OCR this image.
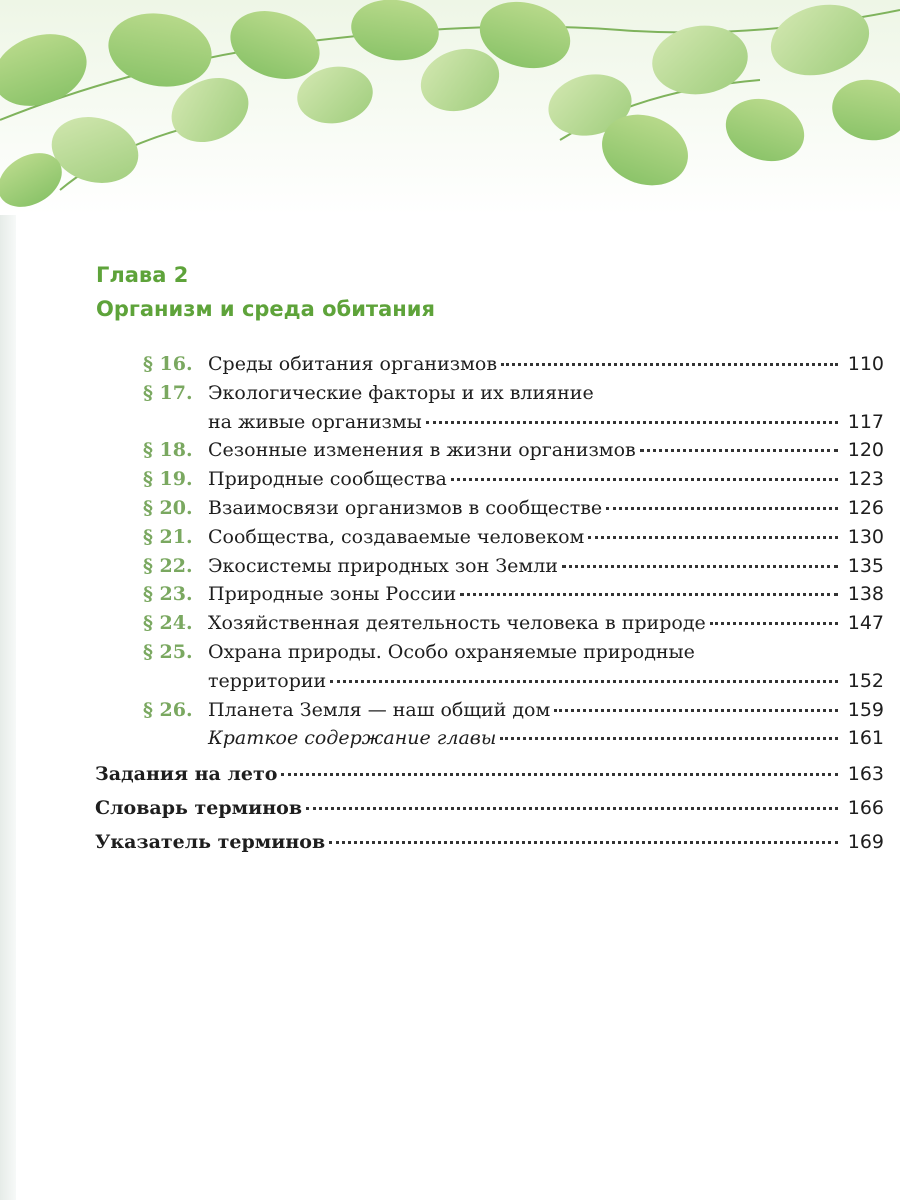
Глава 2
Организм и среда обитания
§ 16. Среды обитания организмов	110
§ 17. Экологические факторы и их влияние
на живые организмы	117
§ 18. Сезонные изменения в жизни организмов	120
§ 19. Природные сообщества	123
§ 20. Взаимосвязи организмов в сообществе	126
§ 21. Сообщества, создаваемые человеком	130
§ 22. Экосистемы природных зон Земли	135
§ 23. Природные зоны России	138
§ 24. Хозяйственная деятельность человека в природе	147
§ 25. Охрана природы. Особо охраняемые природные
территории	152
§ 26. Планета Земля — наш общий дом	159
Краткое содержание главы	161
Задания на лето	163
Словарь терминов	166
Указатель терминов	169
